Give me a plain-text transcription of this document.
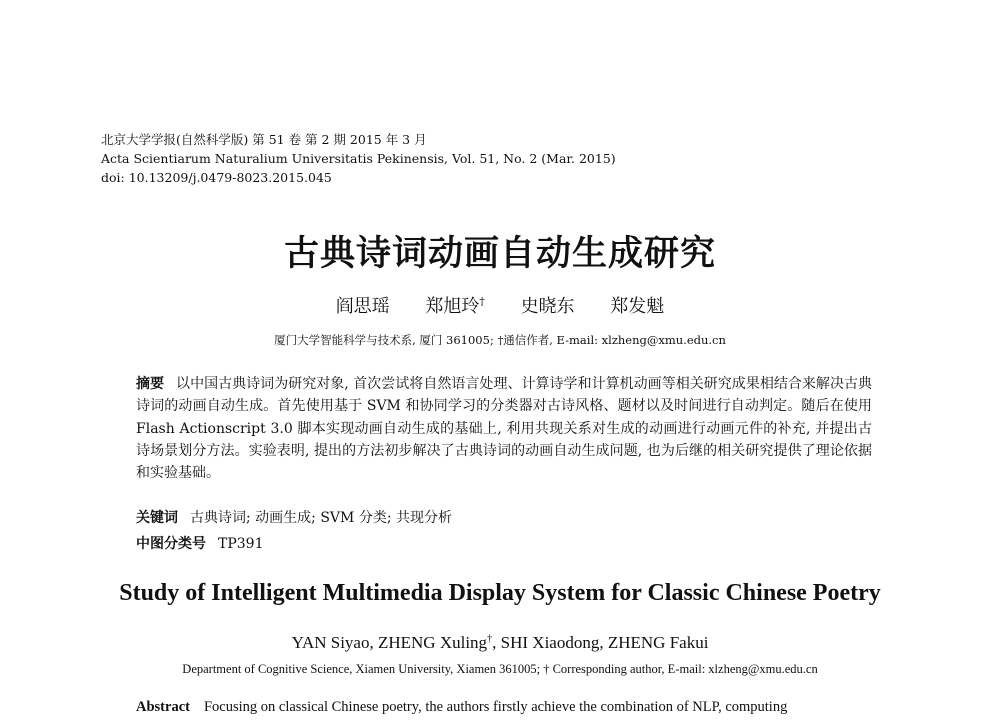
北京大学学报(自然科学版) 第 51 卷 第 2 期 2015 年 3 月
Acta Scientiarum Naturalium Universitatis Pekinensis, Vol. 51, No. 2 (Mar. 2015)
doi: 10.13209/j.0479-8023.2015.045
古典诗词动画自动生成研究
阎思瑶 郑旭玲† 史晓东 郑发魁
厦门大学智能科学与技术系, 厦门 361005; †通信作者, E-mail: xlzheng@xmu.edu.cn
摘要 以中国古典诗词为研究对象, 首次尝试将自然语言处理、计算诗学和计算机动画等相关研究成果相结合来解决古典诗词的动画自动生成。首先使用基于 SVM 和协同学习的分类器对古诗风格、题材以及时间进行自动判定。随后在使用 Flash Actionscript 3.0 脚本实现动画自动生成的基础上, 利用共现关系对生成的动画进行动画元件的补充, 并提出古诗场景划分方法。实验表明, 提出的方法初步解决了古典诗词的动画自动生成问题, 也为后继的相关研究提供了理论依据和实验基础。
关键词 古典诗词; 动画生成; SVM 分类; 共现分析
中图分类号 TP391
Study of Intelligent Multimedia Display System for Classic Chinese Poetry
YAN Siyao, ZHENG Xuling†, SHI Xiaodong, ZHENG Fakui
Department of Cognitive Science, Xiamen University, Xiamen 361005; † Corresponding author, E-mail: xlzheng@xmu.edu.cn
Abstract Focusing on classical Chinese poetry, the authors firstly achieve the combination of NLP, computing
